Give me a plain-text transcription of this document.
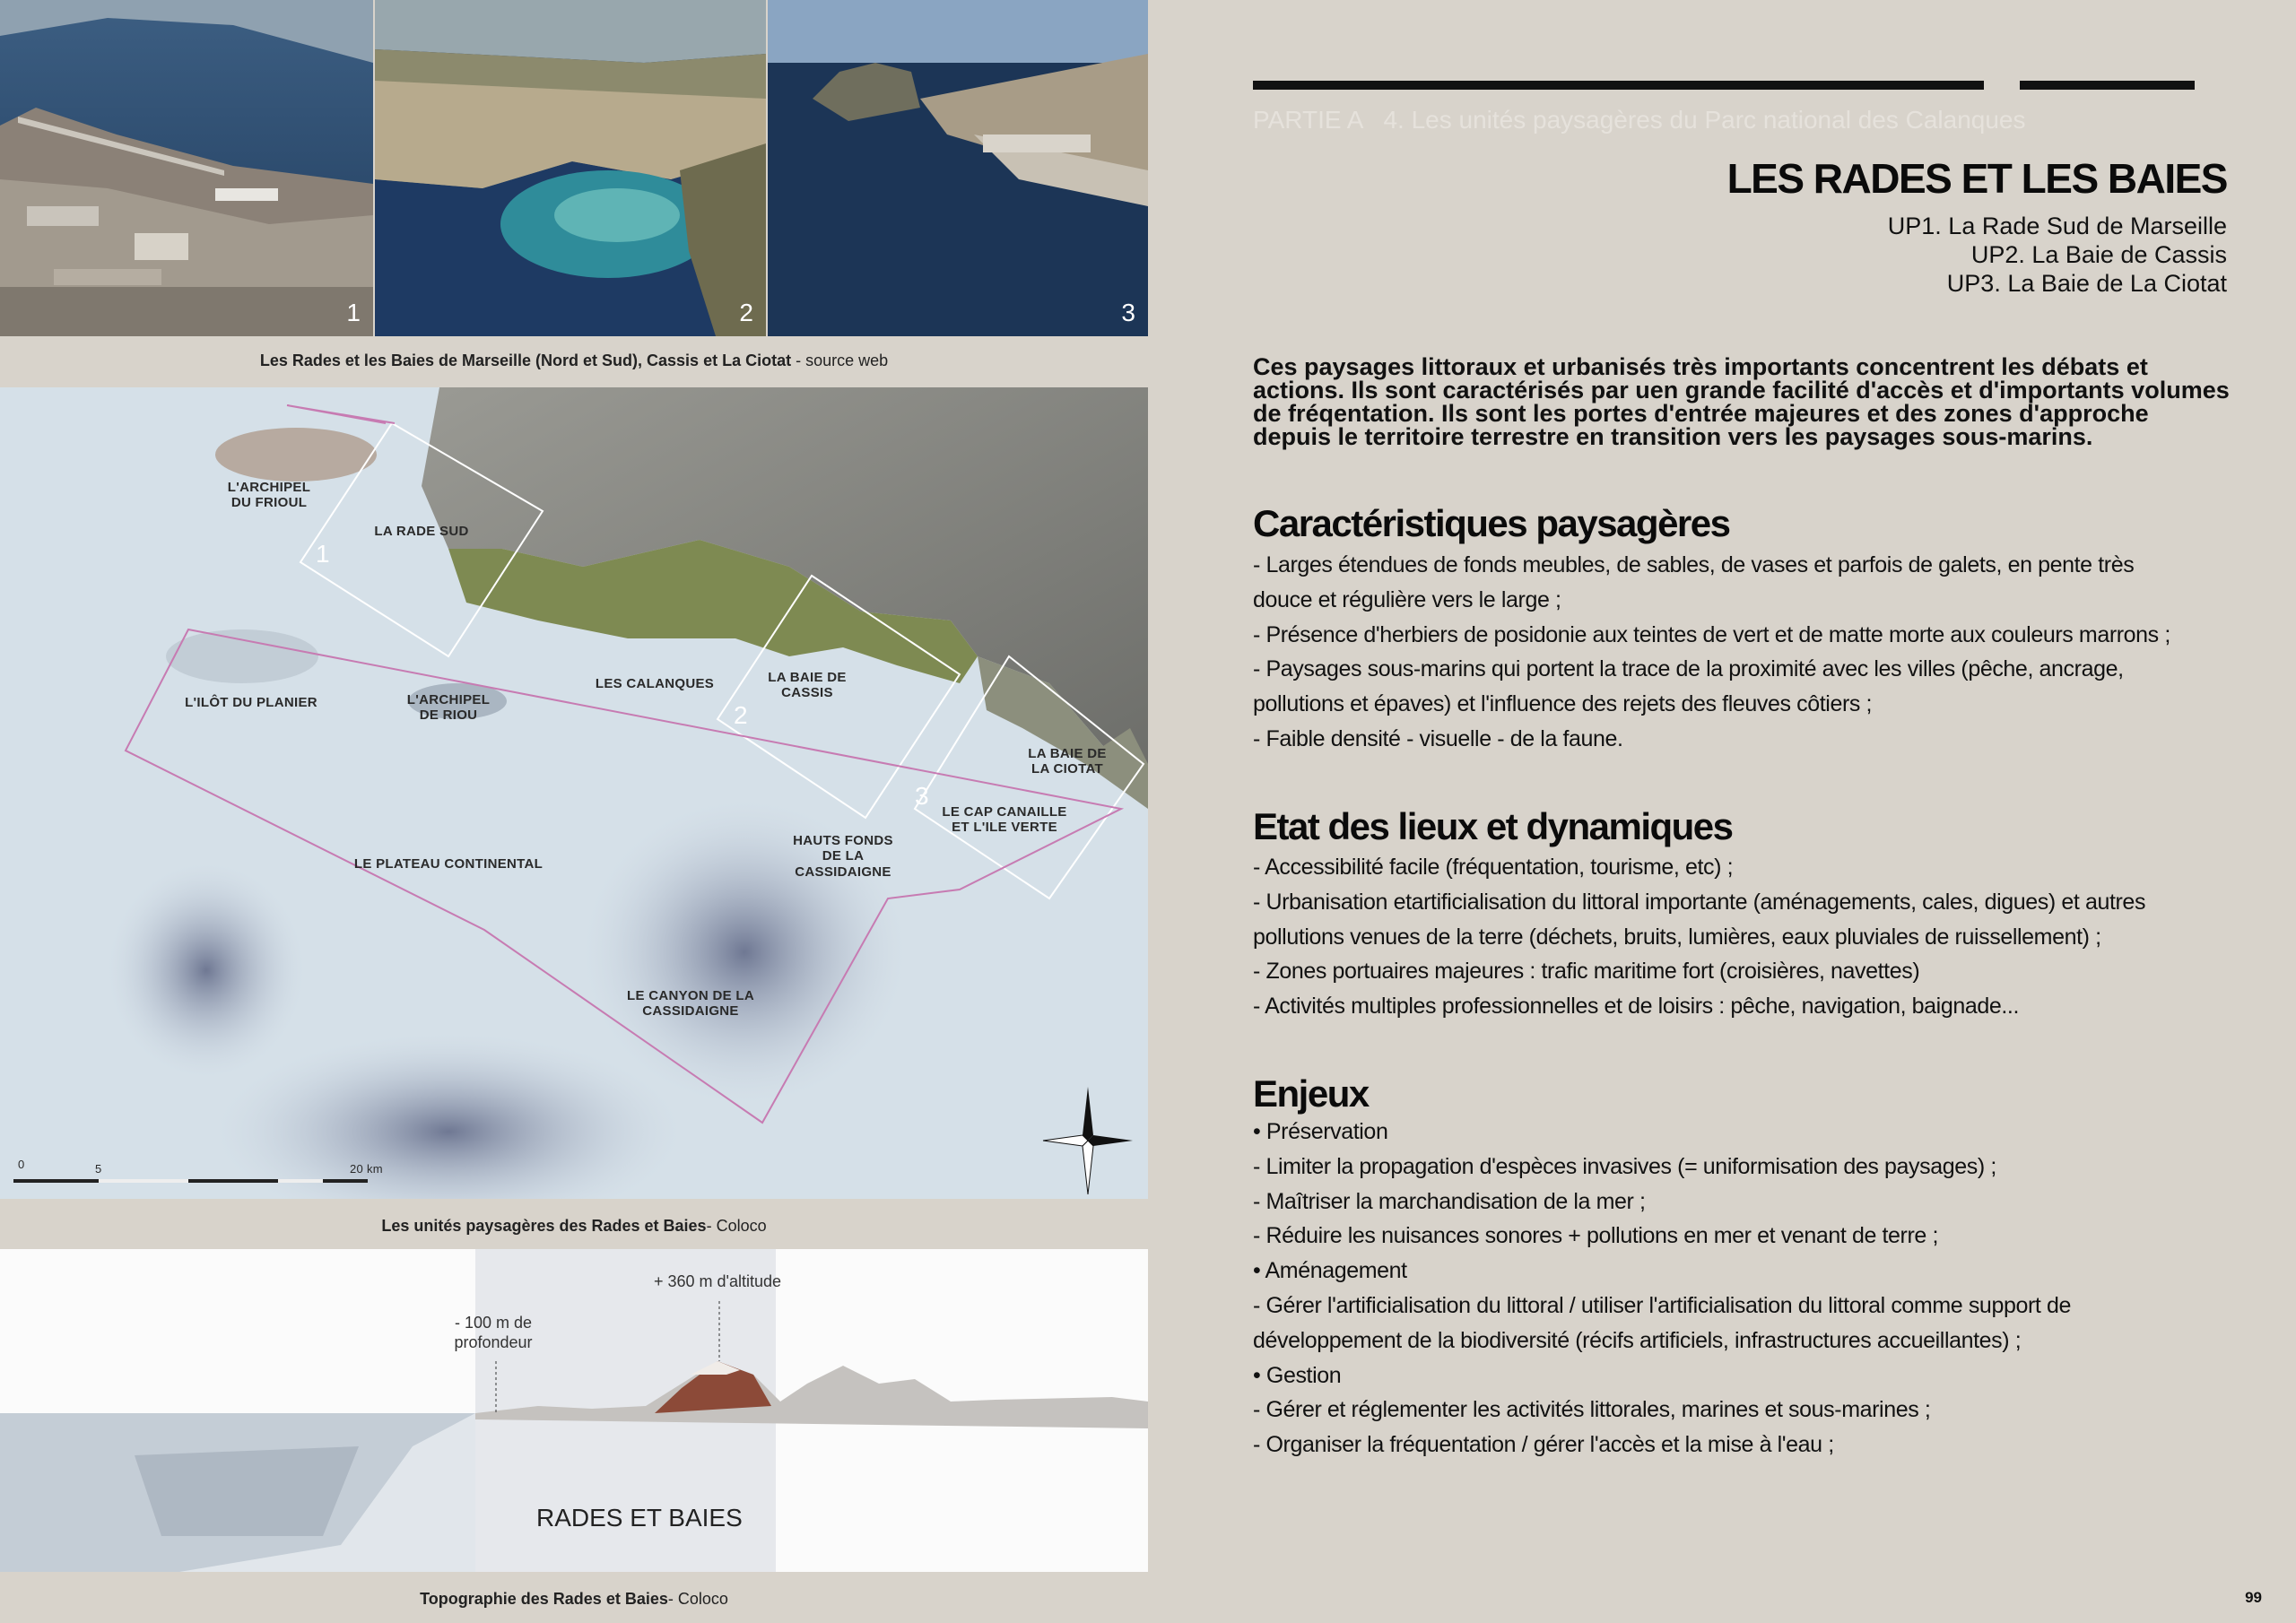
1	2	3
Les Rades et les Baies de Marseille (Nord et Sud), Cassis et La Ciotat - source web
L'ARCHIPEL DU FRIOUL
LA RADE SUD
L'ILÔT DU PLANIER	L'ARCHIPEL DE RIOU
LES CALANQUES	LA BAIE DE CASSIS
LA BAIE DE LA CIOTAT
LE CAP CANAILLE ET L'ILE VERTE
HAUTS FONDS DE LA CASSIDAIGNE
LE PLATEAU CONTINENTAL
LE CANYON DE LA CASSIDAIGNE
1
2
3
0	5	20 km
Les unités paysagères des Rades et Baies- Coloco
- 100 m de profondeur
+ 360 m d'altitude
RADES ET BAIES
Topographie des Rades et Baies- Coloco
PARTIE A 4. Les unités paysagères du Parc national des Calanques
LES RADES ET LES BAIES
UP1. La Rade Sud de Marseille
UP2. La Baie de Cassis
UP3. La Baie de La Ciotat
Ces paysages littoraux et urbanisés très importants concentrent les débats et actions. Ils sont caractérisés par uen grande facilité d'accès et d'importants volumes de fréqentation. Ils sont les portes d'entrée majeures et des zones d'approche depuis le territoire terrestre en transition vers les paysages sous-marins.
Caractéristiques paysagères
- Larges étendues de fonds meubles, de sables, de vases et parfois de galets, en pente très
douce et régulière vers le large ;
- Présence d'herbiers de posidonie aux teintes de vert et de matte morte aux couleurs marrons ;
- Paysages sous-marins qui portent la trace de la proximité avec les villes (pêche, ancrage,
pollutions et épaves) et l'influence des rejets des fleuves côtiers ;
- Faible densité - visuelle - de la faune.
Etat des lieux et dynamiques
- Accessibilité facile (fréquentation, tourisme, etc) ;
- Urbanisation etartificialisation du littoral importante (aménagements, cales, digues) et autres
pollutions venues de la terre (déchets, bruits, lumières, eaux pluviales de ruissellement) ;
- Zones portuaires majeures : trafic maritime fort (croisières, navettes)
- Activités multiples professionnelles et de loisirs : pêche, navigation, baignade...
Enjeux
• Préservation
- Limiter la propagation d'espèces invasives (= uniformisation des paysages) ;
- Maîtriser la marchandisation de la mer ;
- Réduire les nuisances sonores + pollutions en mer et venant de terre ;
• Aménagement
- Gérer l'artificialisation du littoral / utiliser l'artificialisation du littoral comme support de
développement de la biodiversité (récifs artificiels, infrastructures accueillantes) ;
• Gestion
- Gérer et réglementer les activités littorales, marines et sous-marines ;
- Organiser la fréquentation / gérer l'accès et la mise à l'eau ;
99
